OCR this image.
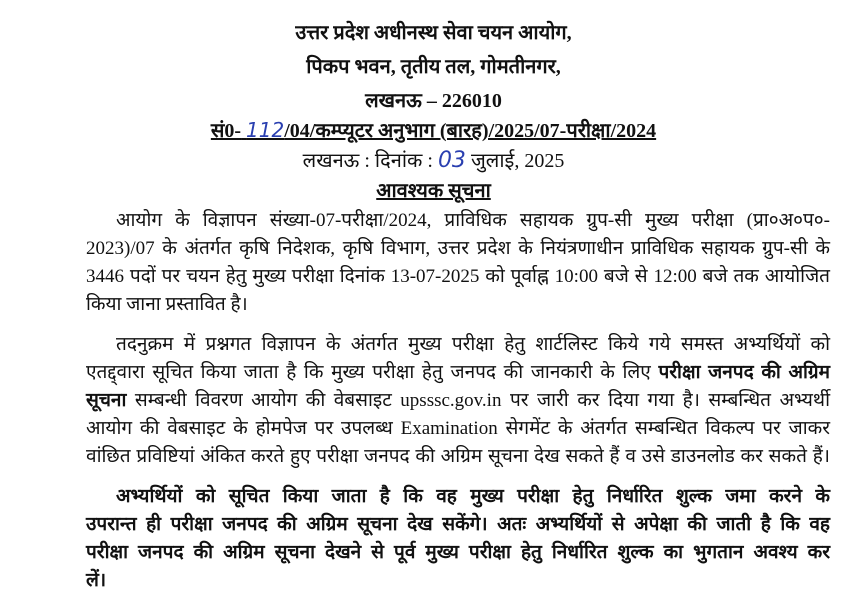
उत्तर प्रदेश अधीनस्थ सेवा चयन आयोग,
पिकप भवन, तृतीय तल, गोमतीनगर,
लखनऊ – 226010
सं0- 112/04/कम्प्यूटर अनुभाग (बारह)/2025/07-परीक्षा/2024
लखनऊ : दिनांक : 03 जुलाई, 2025
आवश्यक सूचना
आयोग के विज्ञापन संख्या-07-परीक्षा/2024, प्राविधिक सहायक ग्रुप-सी मुख्य परीक्षा (प्रा०अ०प०-
2023)/07 के अंतर्गत कृषि निदेशक, कृषि विभाग, उत्तर प्रदेश के नियंत्रणाधीन प्राविधिक सहायक ग्रुप-सी के
3446 पदों पर चयन हेतु मुख्य परीक्षा दिनांक 13-07-2025 को पूर्वाह्न 10:00 बजे से 12:00 बजे तक आयोजित
किया जाना प्रस्तावित है।
तदनुक्रम में प्रश्नगत विज्ञापन के अंतर्गत मुख्य परीक्षा हेतु शार्टलिस्ट किये गये समस्त अभ्यर्थियों को
एतद्द्वारा सूचित किया जाता है कि मुख्य परीक्षा हेतु जनपद की जानकारी के लिए परीक्षा जनपद की अग्रिम
सूचना सम्बन्धी विवरण आयोग की वेबसाइट upsssc.gov.in पर जारी कर दिया गया है। सम्बन्धित अभ्यर्थी
आयोग की वेबसाइट के होमपेज पर उपलब्ध Examination सेगमेंट के अंतर्गत सम्बन्धित विकल्प पर जाकर
वांछित प्रविष्टियां अंकित करते हुए परीक्षा जनपद की अग्रिम सूचना देख सकते हैं व उसे डाउनलोड कर सकते हैं।
अभ्यर्थियों को सूचित किया जाता है कि वह मुख्य परीक्षा हेतु निर्धारित शुल्क जमा करने के
उपरान्त ही परीक्षा जनपद की अग्रिम सूचना देख सकेंगे। अतः अभ्यर्थियों से अपेक्षा की जाती है कि वह
परीक्षा जनपद की अग्रिम सूचना देखने से पूर्व मुख्य परीक्षा हेतु निर्धारित शुल्क का भुगतान अवश्य कर
लें।
